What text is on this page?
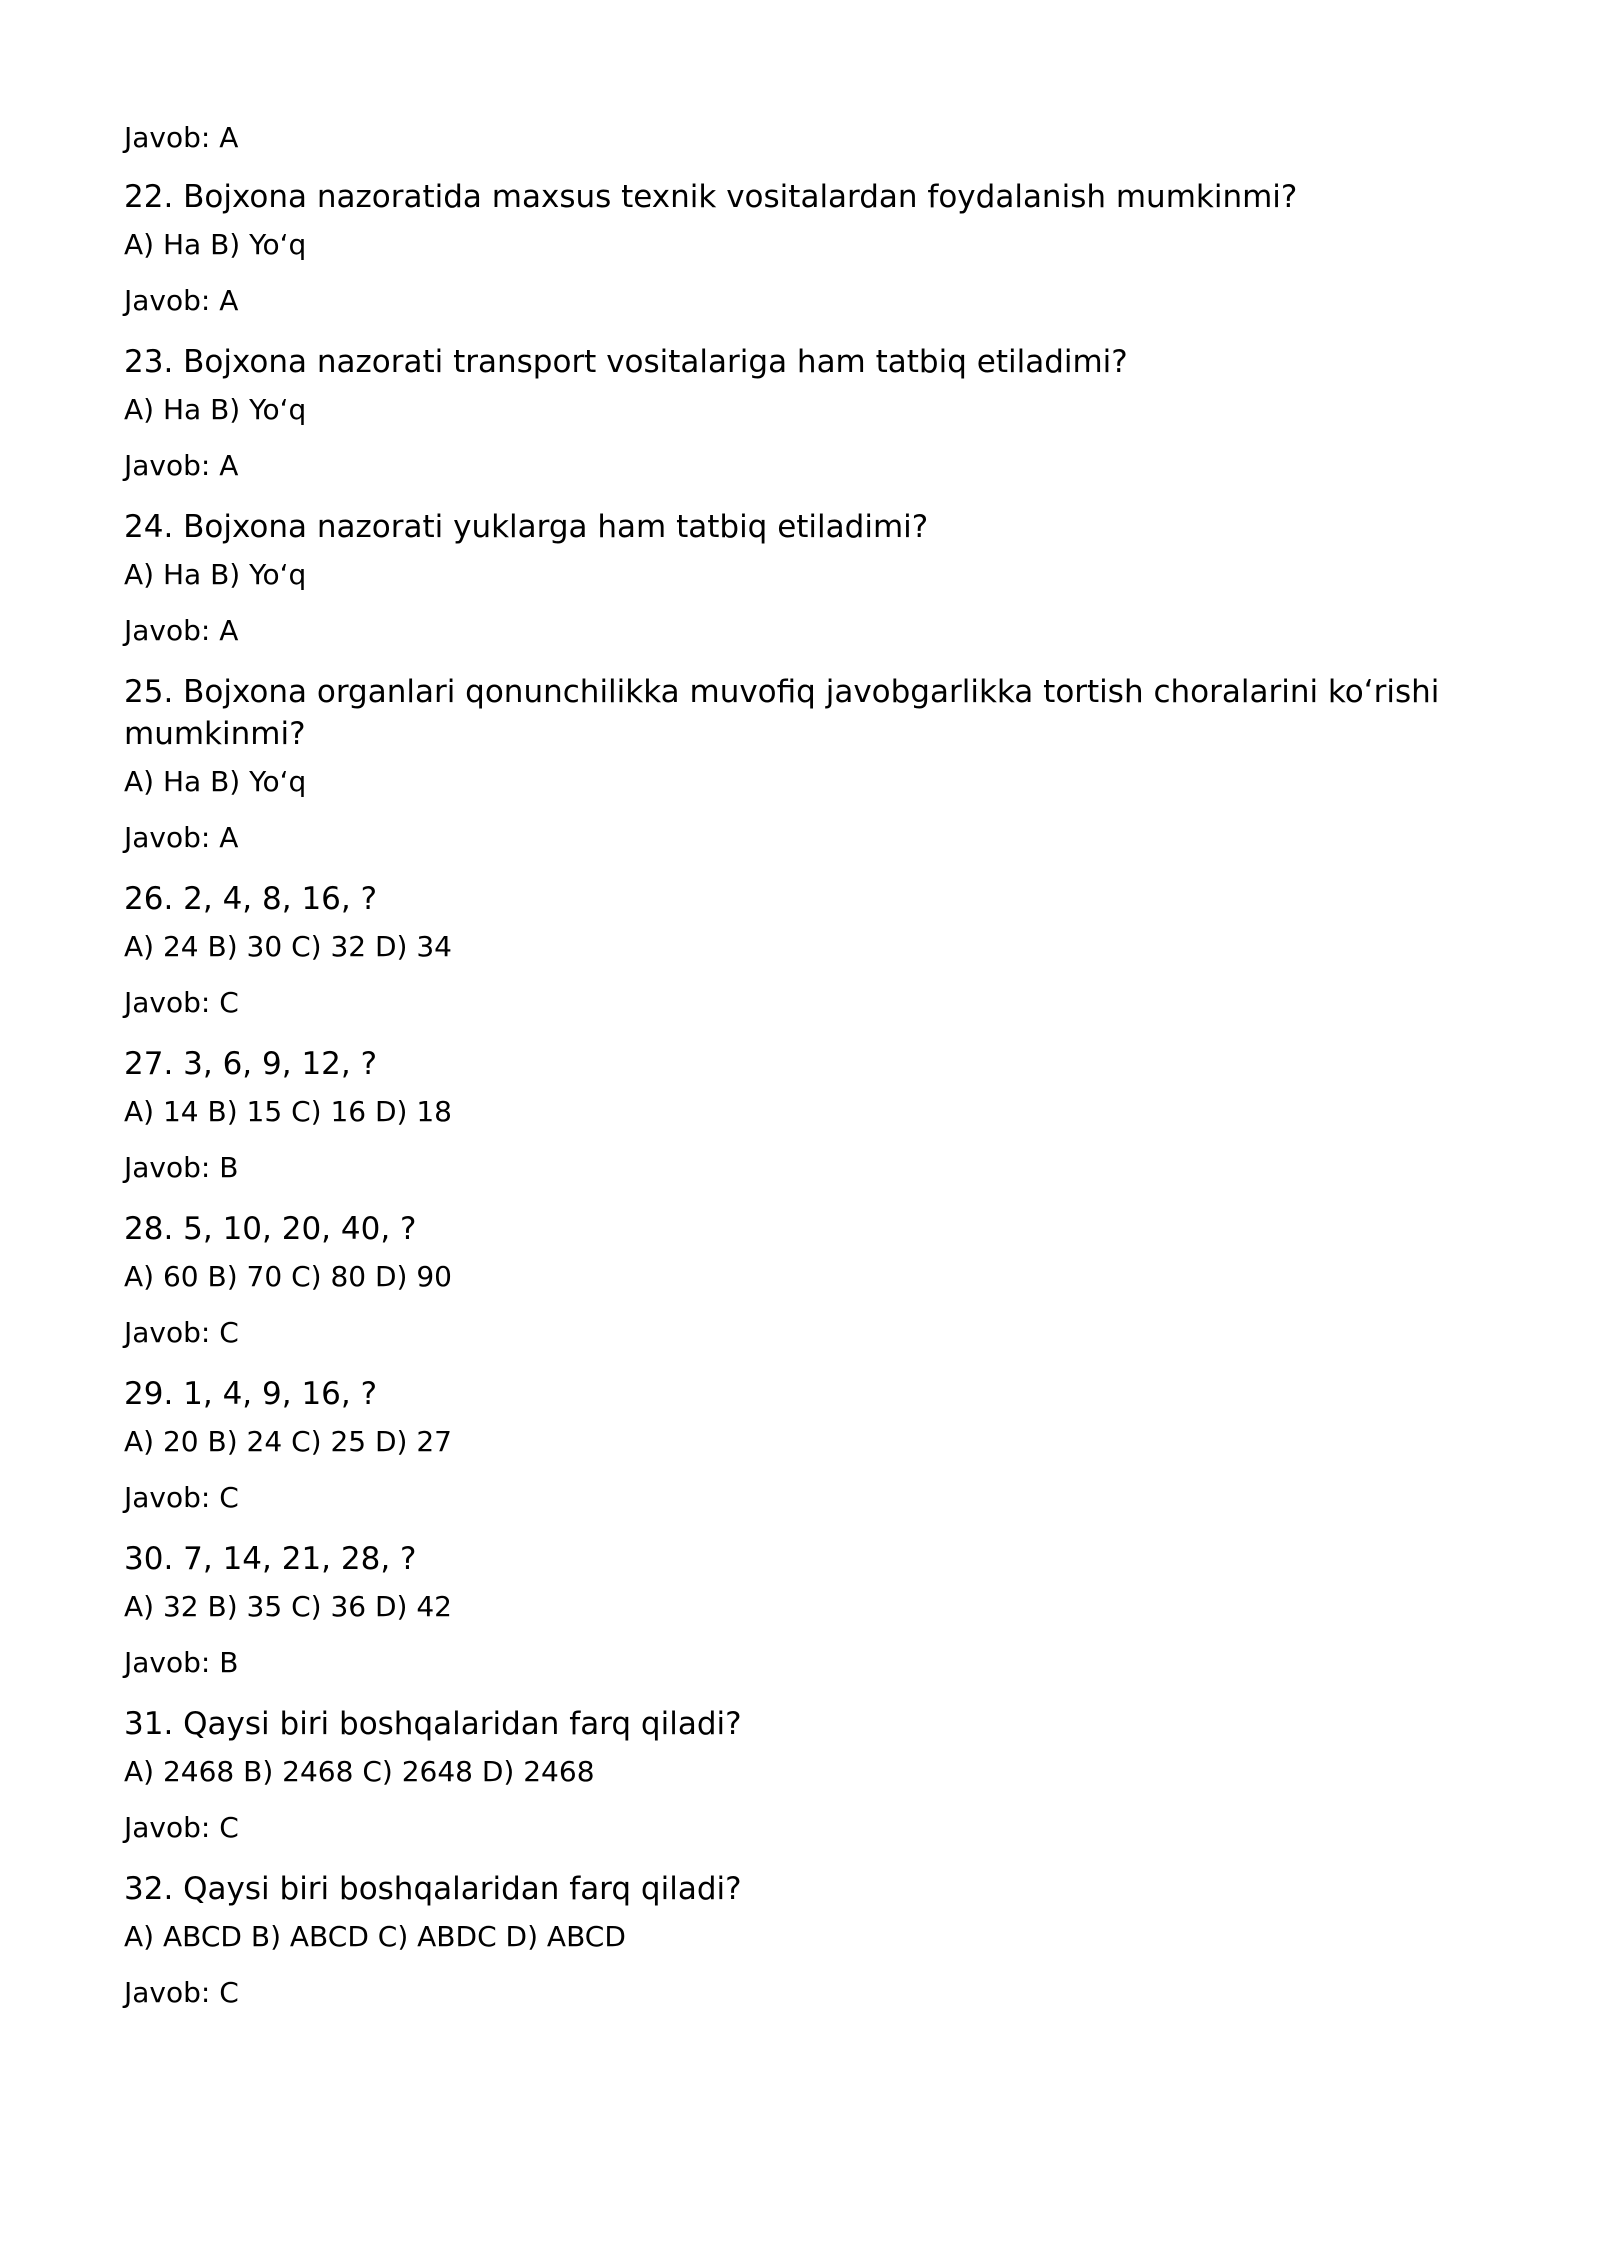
Javob: A

22. Bojxona nazoratida maxsus texnik vositalardan foydalanish mumkinmi?

A) Ha B) Yo‘q

Javob: A

23. Bojxona nazorati transport vositalariga ham tatbiq etiladimi?

A) Ha B) Yo‘q

Javob: A

24. Bojxona nazorati yuklarga ham tatbiq etiladimi?

A) Ha B) Yo‘q

Javob: A

25. Bojxona organlari qonunchilikka muvofiq javobgarlikka tortish choralarini ko‘rishi mumkinmi?

A) Ha B) Yo‘q

Javob: A

26. 2, 4, 8, 16, ?

A) 24 B) 30 C) 32 D) 34

Javob: C

27. 3, 6, 9, 12, ?

A) 14 B) 15 C) 16 D) 18

Javob: B

28. 5, 10, 20, 40, ?

A) 60 B) 70 C) 80 D) 90

Javob: C

29. 1, 4, 9, 16, ?

A) 20 B) 24 C) 25 D) 27

Javob: C

30. 7, 14, 21, 28, ?

A) 32 B) 35 C) 36 D) 42

Javob: B

31. Qaysi biri boshqalaridan farq qiladi?

A) 2468 B) 2468 C) 2648 D) 2468

Javob: C

32. Qaysi biri boshqalaridan farq qiladi?

A) ABCD B) ABCD C) ABDC D) ABCD

Javob: C
